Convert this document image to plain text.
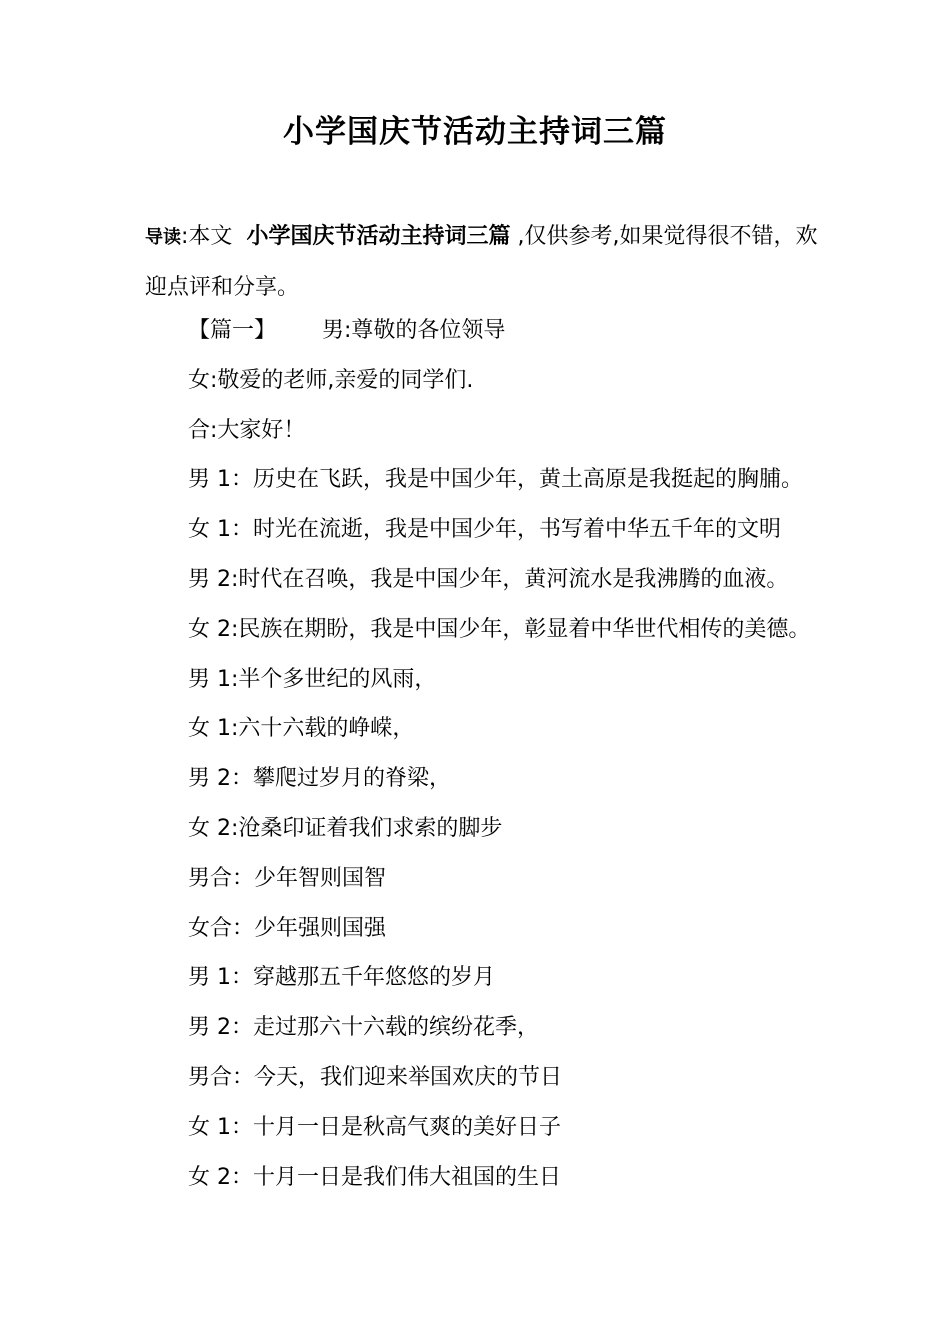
小学国庆节活动主持词三篇
导读:本文 小学国庆节活动主持词三篇 ,仅供参考,如果觉得很不错，欢迎点评和分享。
【篇一】 男:尊敬的各位领导
女:敬爱的老师,亲爱的同学们.
合:大家好！
男 1：历史在飞跃，我是中国少年，黄土高原是我挺起的胸脯。
女 1：时光在流逝，我是中国少年，书写着中华五千年的文明
男 2:时代在召唤，我是中国少年，黄河流水是我沸腾的血液。
女 2:民族在期盼，我是中国少年，彰显着中华世代相传的美德。
男 1:半个多世纪的风雨，
女 1:六十六载的峥嵘，
男 2：攀爬过岁月的脊梁，
女 2:沧桑印证着我们求索的脚步
男合：少年智则国智
女合：少年强则国强
男 1：穿越那五千年悠悠的岁月
男 2：走过那六十六载的缤纷花季，
男合：今天，我们迎来举国欢庆的节日
女 1：十月一日是秋高气爽的美好日子
女 2：十月一日是我们伟大祖国的生日
